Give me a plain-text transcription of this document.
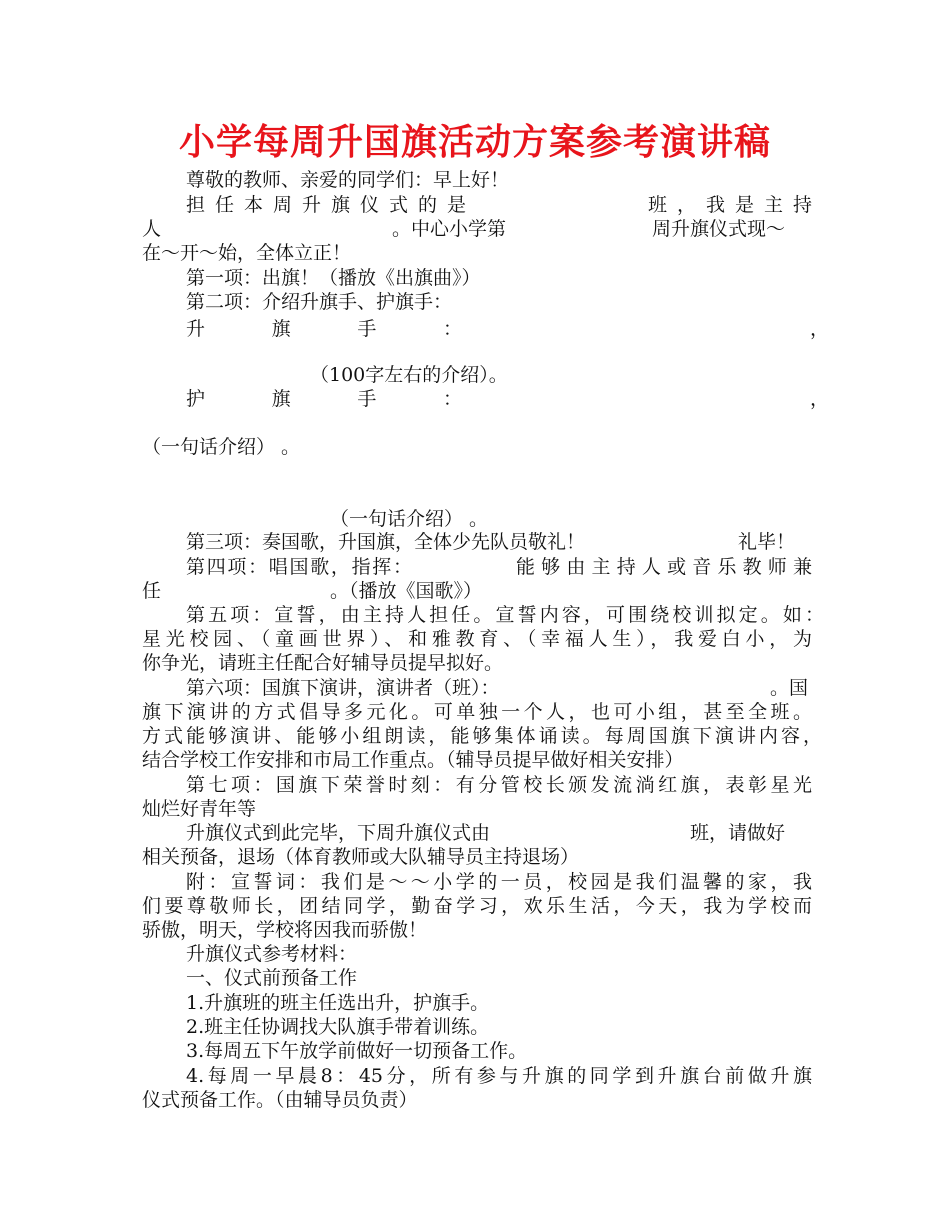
小学每周升国旗活动方案参考演讲稿
尊敬的教师、亲爱的同学们：早上好！
担任本周升旗仪式的是	班，我是主持
人	。中心小学第	周升旗仪式现～
在～开～始，全体立正！
第一项：出旗！（播放《出旗曲》）
第二项：介绍升旗手、护旗手：
升旗手：	，
（100字左右的介绍）。
护旗手：	，
（一句话介绍） 。
（一句话介绍） 。
第三项：奏国歌，升国旗，全体少先队员敬礼！	礼毕！
第四项：唱国歌，指挥：	能够由主持人或音乐教师兼
任	。（播放《国歌》）
第五项：宣誓，由主持人担任。宣誓内容，可围绕校训拟定。如：
星光校园、（童画世界）、和雅教育、（幸福人生），我爱白小，为
你争光，请班主任配合好辅导员提早拟好。
第六项：国旗下演讲，演讲者（班）：	。国
旗下演讲的方式倡导多元化。可单独一个人，也可小组，甚至全班。
方式能够演讲、能够小组朗读，能够集体诵读。每周国旗下演讲内容，
结合学校工作安排和市局工作重点。（辅导员提早做好相关安排）
第七项：国旗下荣誉时刻：有分管校长颁发流淌红旗，表彰星光
灿烂好青年等
升旗仪式到此完毕，下周升旗仪式由	班，请做好
相关预备，退场（体育教师或大队辅导员主持退场）
附：宣誓词：我们是～～小学的一员，校园是我们温馨的家，我
们要尊敬师长，团结同学，勤奋学习，欢乐生活，今天，我为学校而
骄傲，明天，学校将因我而骄傲！
升旗仪式参考材料：
一、仪式前预备工作
1.升旗班的班主任选出升，护旗手。
2.班主任协调找大队旗手带着训练。
3.每周五下午放学前做好一切预备工作。
4.每周一早晨8：45分，所有参与升旗的同学到升旗台前做升旗
仪式预备工作。（由辅导员负责）
